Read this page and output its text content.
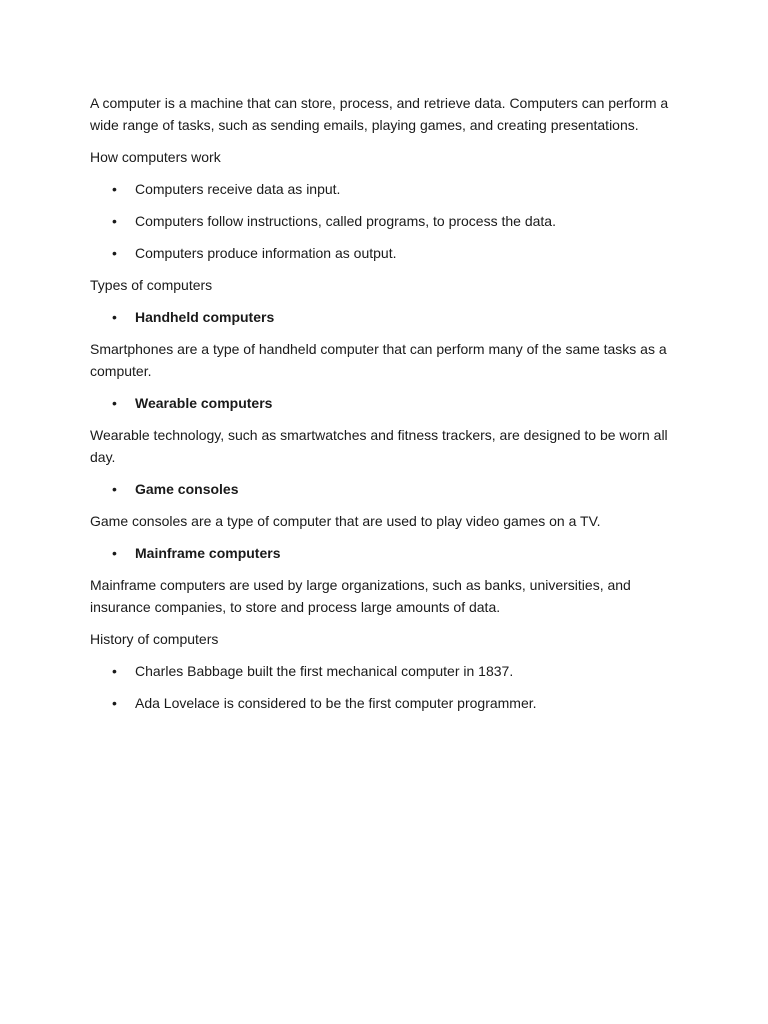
A computer is a machine that can store, process, and retrieve data. Computers can perform a wide range of tasks, such as sending emails, playing games, and creating presentations.

How computers work

• Computers receive data as input.
• Computers follow instructions, called programs, to process the data.
• Computers produce information as output.

Types of computers

• Handheld computers

Smartphones are a type of handheld computer that can perform many of the same tasks as a computer.

• Wearable computers

Wearable technology, such as smartwatches and fitness trackers, are designed to be worn all day.

• Game consoles

Game consoles are a type of computer that are used to play video games on a TV.

• Mainframe computers

Mainframe computers are used by large organizations, such as banks, universities, and insurance companies, to store and process large amounts of data.

History of computers

• Charles Babbage built the first mechanical computer in 1837.
• Ada Lovelace is considered to be the first computer programmer.
